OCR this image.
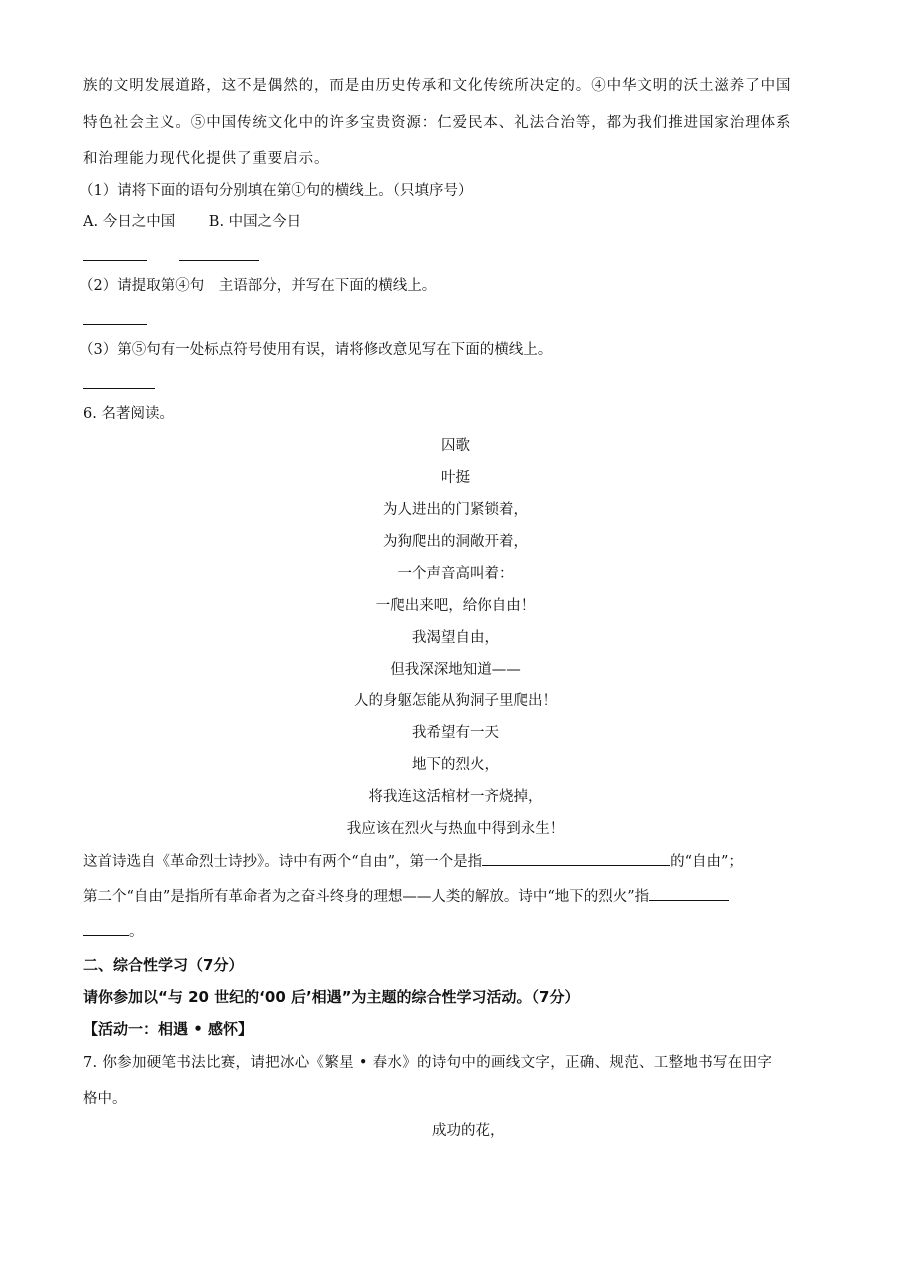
族的文明发展道路，这不是偶然的，而是由历史传承和文化传统所决定的。④中华文明的沃土滋养了中国
特色社会主义。⑤中国传统文化中的许多宝贵资源：仁爱民本、礼法合治等，都为我们推进国家治理体系
和治理能力现代化提供了重要启示。
（1）请将下面的语句分别填在第①句的横线上。（只填序号）
A. 今日之中国　　 B. 中国之今日
（2）请提取第④句　主语部分，并写在下面的横线上。
（3）第⑤句有一处标点符号使用有误，请将修改意见写在下面的横线上。
6. 名著阅读。
囚歌
叶挺
为人进出的门紧锁着，
为狗爬出的洞敞开着，
一个声音高叫着：
一爬出来吧，给你自由！
我渴望自由，
但我深深地知道——
人的身躯怎能从狗洞子里爬出！
我希望有一天
地下的烈火，
将我连这活棺材一齐烧掉，
我应该在烈火与热血中得到永生！
这首诗选自《革命烈士诗抄》。诗中有两个“自由”，第一个是指	的“自由”；
第二个“自由”是指所有革命者为之奋斗终身的理想——人类的解放。诗中“地下的烈火”指
。
二、综合性学习（7分）
请你参加以“与 20 世纪的‘00 后’相遇”为主题的综合性学习活动。（7分）
【活动一：相遇 • 感怀】
7. 你参加硬笔书法比赛，请把冰心《繁星 • 春水》的诗句中的画线文字，正确、规范、工整地书写在田字
格中。
成功的花，
